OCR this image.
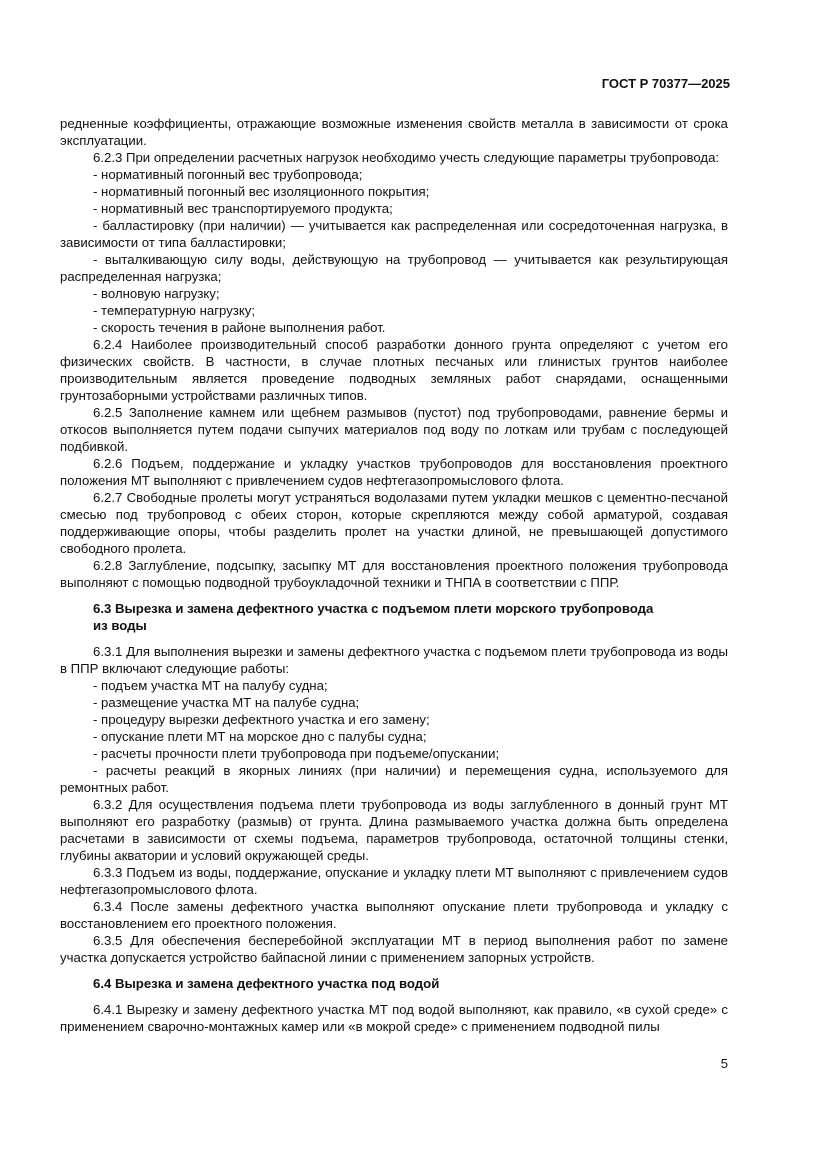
ГОСТ Р 70377—2025
редненные коэффициенты, отражающие возможные изменения свойств металла в зависимости от срока эксплуатации.
6.2.3 При определении расчетных нагрузок необходимо учесть следующие параметры трубопровода:
- нормативный погонный вес трубопровода;
- нормативный погонный вес изоляционного покрытия;
- нормативный вес транспортируемого продукта;
- балластировку (при наличии) — учитывается как распределенная или сосредоточенная нагрузка, в зависимости от типа балластировки;
- выталкивающую силу воды, действующую на трубопровод — учитывается как результирующая распределенная нагрузка;
- волновую нагрузку;
- температурную нагрузку;
- скорость течения в районе выполнения работ.
6.2.4 Наиболее производительный способ разработки донного грунта определяют с учетом его физических свойств. В частности, в случае плотных песчаных или глинистых грунтов наиболее производительным является проведение подводных земляных работ снарядами, оснащенными грунтозаборными устройствами различных типов.
6.2.5 Заполнение камнем или щебнем размывов (пустот) под трубопроводами, равнение бермы и откосов выполняется путем подачи сыпучих материалов под воду по лоткам или трубам с последующей подбивкой.
6.2.6 Подъем, поддержание и укладку участков трубопроводов для восстановления проектного положения МТ выполняют с привлечением судов нефтегазопромыслового флота.
6.2.7 Свободные пролеты могут устраняться водолазами путем укладки мешков с цементно-песчаной смесью под трубопровод с обеих сторон, которые скрепляются между собой арматурой, создавая поддерживающие опоры, чтобы разделить пролет на участки длиной, не превышающей допустимого свободного пролета.
6.2.8 Заглубление, подсыпку, засыпку МТ для восстановления проектного положения трубопровода выполняют с помощью подводной трубоукладочной техники и ТНПА в соответствии с ППР.
6.3 Вырезка и замена дефектного участка с подъемом плети морского трубопровода
из воды
6.3.1 Для выполнения вырезки и замены дефектного участка с подъемом плети трубопровода из воды в ППР включают следующие работы:
- подъем участка МТ на палубу судна;
- размещение участка МТ на палубе судна;
- процедуру вырезки дефектного участка и его замену;
- опускание плети МТ на морское дно с палубы судна;
- расчеты прочности плети трубопровода при подъеме/опускании;
- расчеты реакций в якорных линиях (при наличии) и перемещения судна, используемого для ремонтных работ.
6.3.2 Для осуществления подъема плети трубопровода из воды заглубленного в донный грунт МТ выполняют его разработку (размыв) от грунта. Длина размываемого участка должна быть определена расчетами в зависимости от схемы подъема, параметров трубопровода, остаточной толщины стенки, глубины акватории и условий окружающей среды.
6.3.3 Подъем из воды, поддержание, опускание и укладку плети МТ выполняют с привлечением судов нефтегазопромыслового флота.
6.3.4 После замены дефектного участка выполняют опускание плети трубопровода и укладку с восстановлением его проектного положения.
6.3.5 Для обеспечения бесперебойной эксплуатации МТ в период выполнения работ по замене участка допускается устройство байпасной линии с применением запорных устройств.
6.4 Вырезка и замена дефектного участка под водой
6.4.1 Вырезку и замену дефектного участка МТ под водой выполняют, как правило, «в сухой среде» с применением сварочно-монтажных камер или «в мокрой среде» с применением подводной пилы
5
